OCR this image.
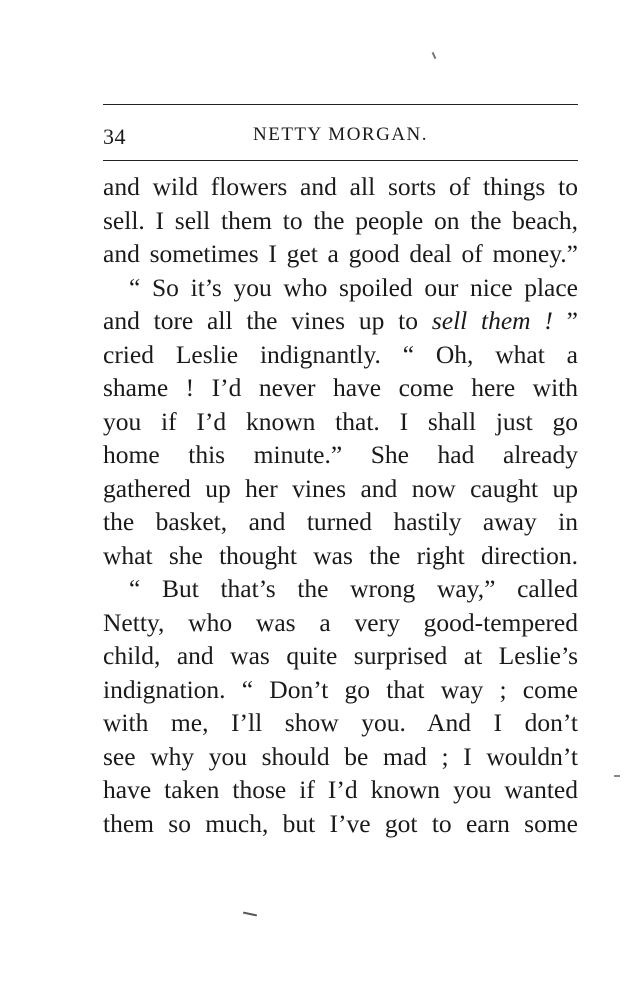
34	NETTY MORGAN.
and wild flowers and all sorts of things to
sell. I sell them to the people on the beach,
and sometimes I get a good deal of money.”
“ So it’s you who spoiled our nice place
and tore all the vines up to sell them ! ”
cried Leslie indignantly. “ Oh, what a
shame ! I’d never have come here with
you if I’d known that. I shall just go
home this minute.” She had already
gathered up her vines and now caught up
the basket, and turned hastily away in
what she thought was the right direction.
“ But that’s the wrong way,” called
Netty, who was a very good-tempered
child, and was quite surprised at Leslie’s
indignation. “ Don’t go that way ; come
with me, I’ll show you. And I don’t
see why you should be mad ; I wouldn’t
have taken those if I’d known you wanted
them so much, but I’ve got to earn some
